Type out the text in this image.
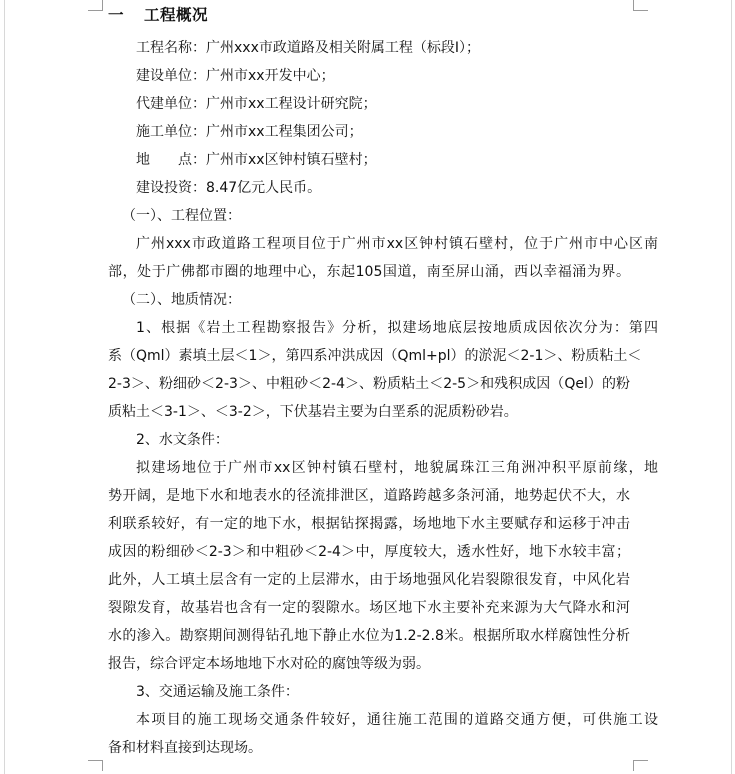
一 工程概况
工程名称：广州xxx市政道路及相关附属工程（标段Ⅰ）；
建设单位：广州市xx开发中心；
代建单位：广州市xx工程设计研究院；
施工单位：广州市xx工程集团公司；
地　　点：广州市xx区钟村镇石壁村；
建设投资：8.47亿元人民币。
（一）、工程位置：
广州xxx市政道路工程项目位于广州市xx区钟村镇石壁村，位于广州市中心区南
部，处于广佛都市圈的地理中心，东起105国道，南至屏山涌，西以幸福涌为界。
（二）、地质情况：
1、根据《岩土工程勘察报告》分析，拟建场地底层按地质成因依次分为：第四
系（Qml）素填土层＜1＞，第四系冲洪成因（Qml+pl）的淤泥＜2-1＞、粉质粘土＜
2-3＞、粉细砂＜2-3＞、中粗砂＜2-4＞、粉质粘土＜2-5＞和残积成因（Qel）的粉
质粘土＜3-1＞、＜3-2＞，下伏基岩主要为白垩系的泥质粉砂岩。
2、水文条件：
拟建场地位于广州市xx区钟村镇石壁村，地貌属珠江三角洲冲积平原前缘，地
势开阔，是地下水和地表水的径流排泄区，道路跨越多条河涌，地势起伏不大，水
利联系较好，有一定的地下水，根据钻探揭露，场地地下水主要赋存和运移于冲击
成因的粉细砂＜2-3＞和中粗砂＜2-4＞中，厚度较大，透水性好，地下水较丰富；
此外，人工填土层含有一定的上层滞水，由于场地强风化岩裂隙很发育，中风化岩
裂隙发育，故基岩也含有一定的裂隙水。场区地下水主要补充来源为大气降水和河
水的渗入。勘察期间测得钻孔地下静止水位为1.2-2.8米。根据所取水样腐蚀性分析
报告，综合评定本场地地下水对砼的腐蚀等级为弱。
3、交通运输及施工条件：
本项目的施工现场交通条件较好，通往施工范围的道路交通方便，可供施工设
备和材料直接到达现场。
